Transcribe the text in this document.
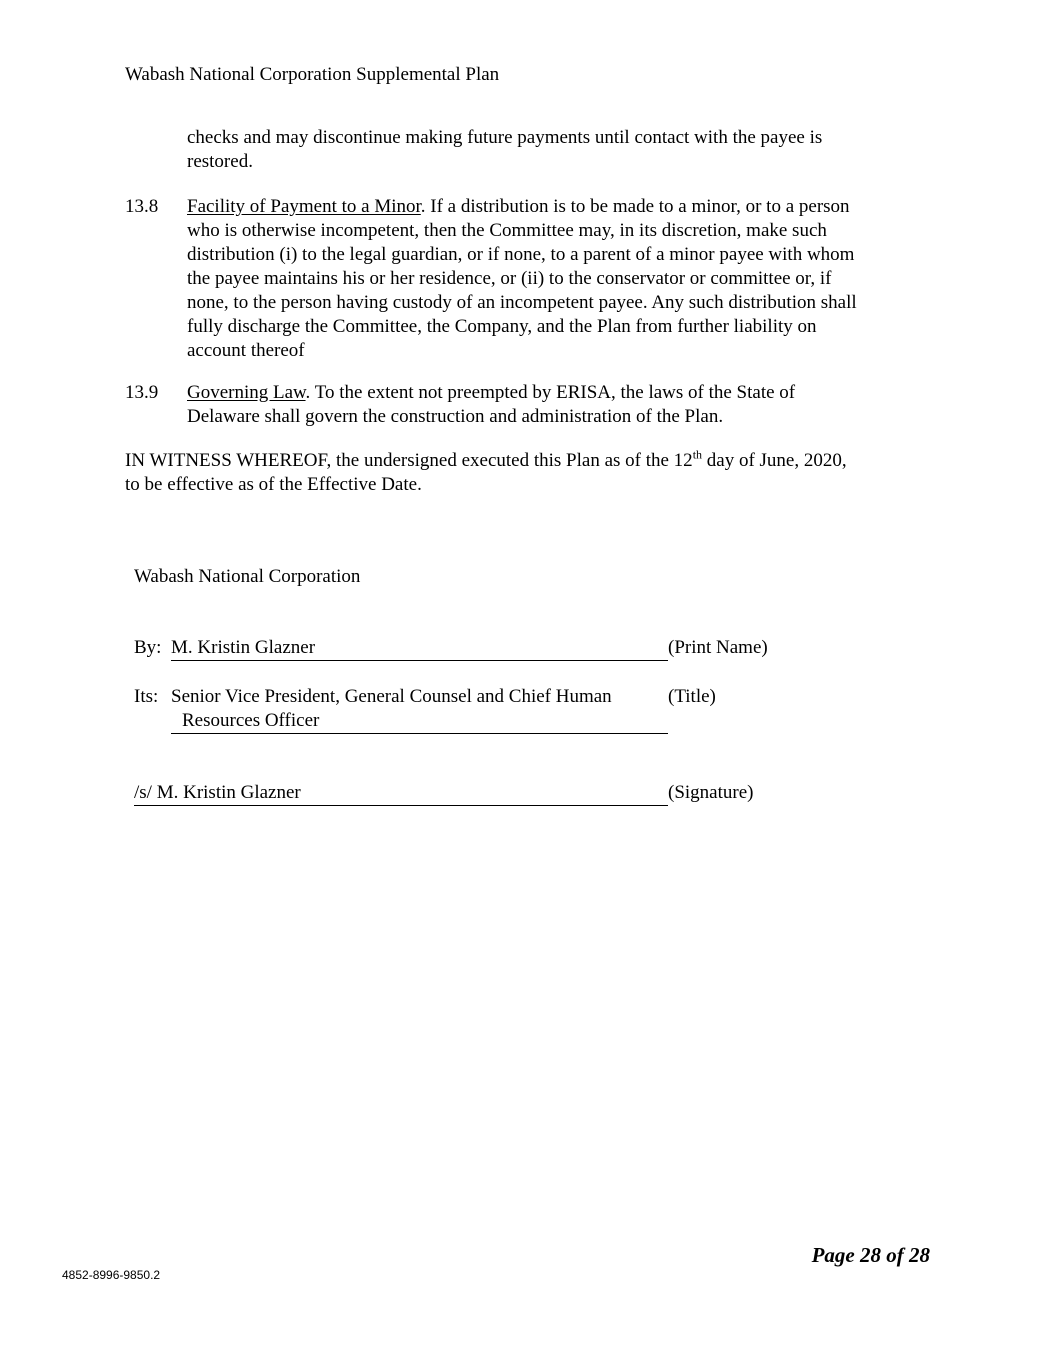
Wabash National Corporation Supplemental Plan
checks and may discontinue making future payments until contact with the payee is
restored.
13.8 Facility of Payment to a Minor. If a distribution is to be made to a minor, or to a person
who is otherwise incompetent, then the Committee may, in its discretion, make such
distribution (i) to the legal guardian, or if none, to a parent of a minor payee with whom
the payee maintains his or her residence, or (ii) to the conservator or committee or, if
none, to the person having custody of an incompetent payee. Any such distribution shall
fully discharge the Committee, the Company, and the Plan from further liability on
account thereof
13.9 Governing Law. To the extent not preempted by ERISA, the laws of the State of
Delaware shall govern the construction and administration of the Plan.
IN WITNESS WHEREOF, the undersigned executed this Plan as of the 12th day of June, 2020,
to be effective as of the Effective Date.
Wabash National Corporation
By: M. Kristin Glazner	(Print Name)
Its: Senior Vice President, General Counsel and Chief Human
Resources Officer
(Title)
/s/ M. Kristin Glazner	(Signature)
Page 28 of 28
4852-8996-9850.2
